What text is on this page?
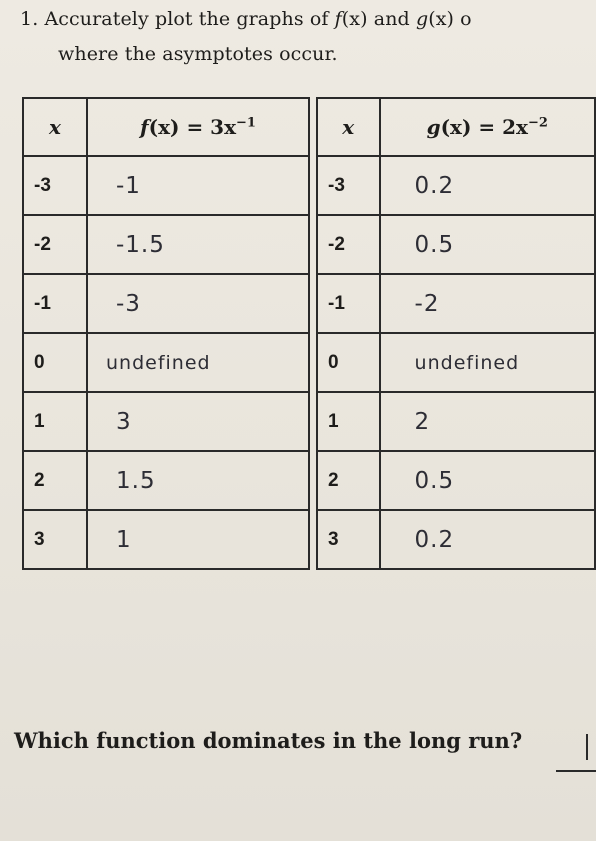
1. Accurately plot the graphs of f(x) and g(x) o
where the asymptotes occur.
x	$f(x) = 3x^{-1}$
-3	-1
-2	-1.5
-1	-3
0	undefined
1	3
2	1.5
3	1
x	$g(x) = 2x^{-2}$
-3	0.2
-2	0.5
-1	-2
0	undefined
1	2
2	0.5
3	0.2
Which function dominates in the long run?
